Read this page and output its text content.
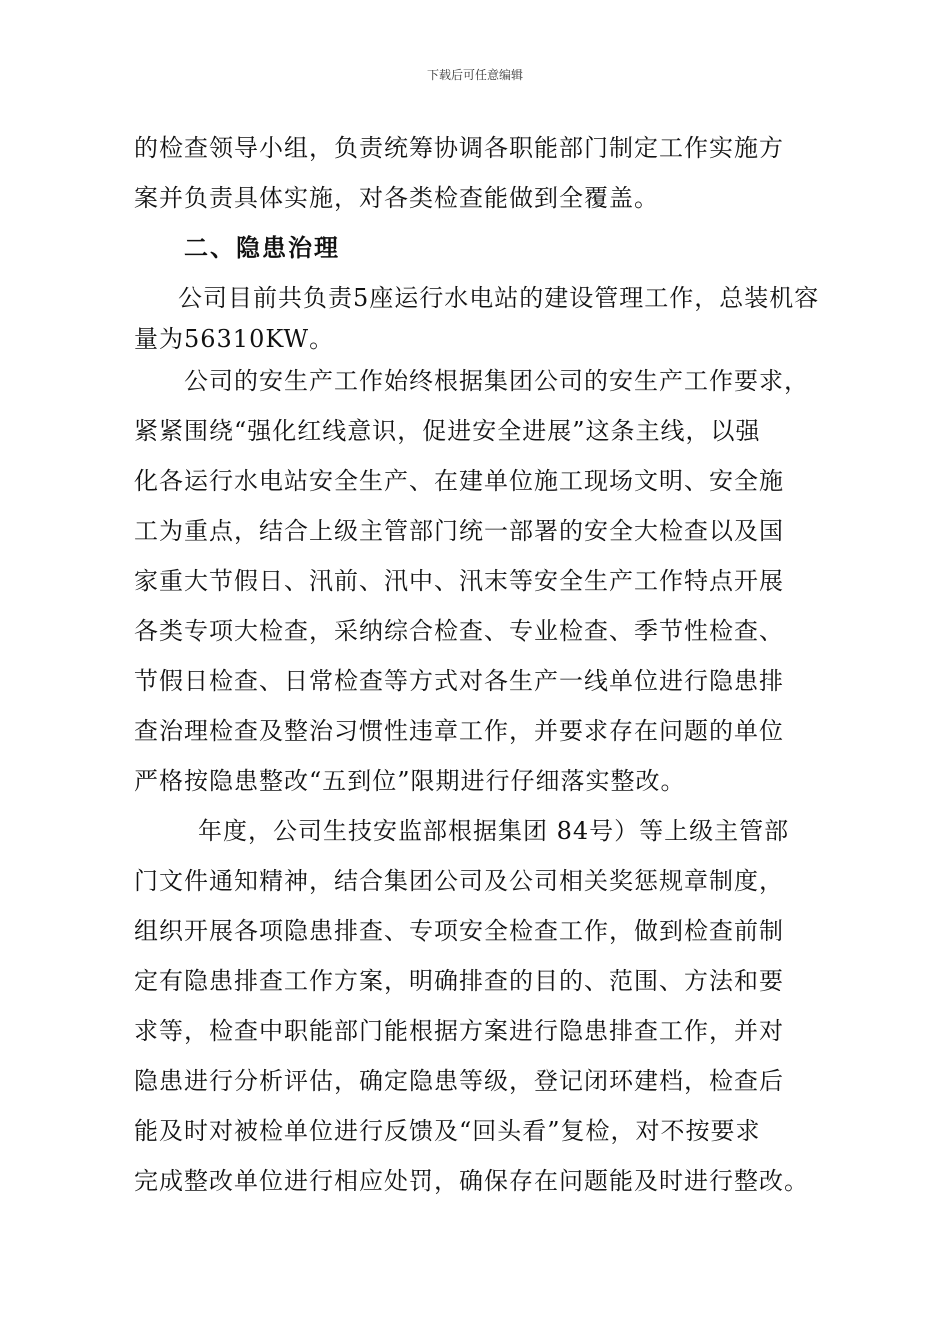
下载后可任意编辑
的检查领导小组，负责统筹协调各职能部门制定工作实施方
案并负责具体实施，对各类检查能做到全覆盖。
二、隐患治理
公司目前共负责5座运行水电站的建设管理工作，总装机容
量为56310KW。
公司的安生产工作始终根据集团公司的安生产工作要求，
紧紧围绕“强化红线意识，促进安全进展”这条主线，以强
化各运行水电站安全生产、在建单位施工现场文明、安全施
工为重点，结合上级主管部门统一部署的安全大检查以及国
家重大节假日、汛前、汛中、汛末等安全生产工作特点开展
各类专项大检查，采纳综合检查、专业检查、季节性检查、
节假日检查、日常检查等方式对各生产一线单位进行隐患排
查治理检查及整治习惯性违章工作，并要求存在问题的单位
严格按隐患整改“五到位”限期进行仔细落实整改。
年度，公司生技安监部根据集团 84号）等上级主管部
门文件通知精神，结合集团公司及公司相关奖惩规章制度，
组织开展各项隐患排查、专项安全检查工作，做到检查前制
定有隐患排查工作方案，明确排查的目的、范围、方法和要
求等，检查中职能部门能根据方案进行隐患排查工作，并对
隐患进行分析评估，确定隐患等级，登记闭环建档，检查后
能及时对被检单位进行反馈及“回头看”复检，对不按要求
完成整改单位进行相应处罚，确保存在问题能及时进行整改。
